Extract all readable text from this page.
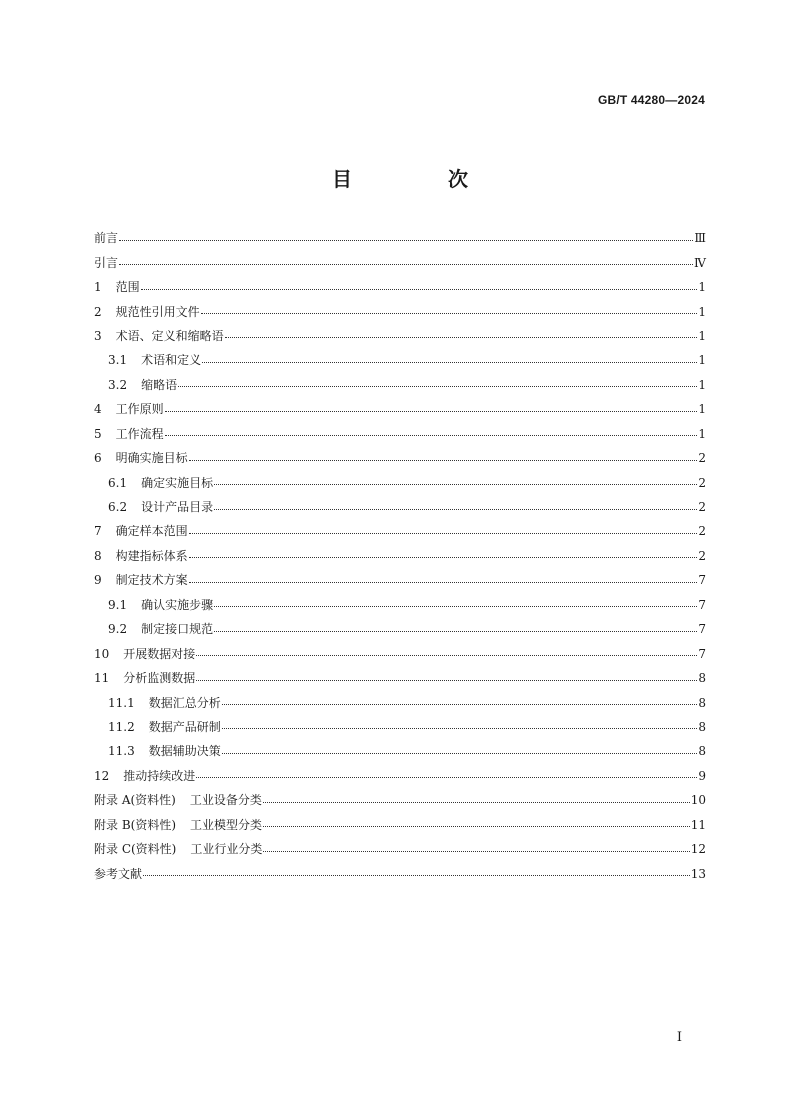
GB/T 44280—2024
目　次
前言	Ⅲ
引言	Ⅳ
1 范围	1
2 规范性引用文件	1
3 术语、定义和缩略语	1
3.1 术语和定义	1
3.2 缩略语	1
4 工作原则	1
5 工作流程	1
6 明确实施目标	2
6.1 确定实施目标	2
6.2 设计产品目录	2
7 确定样本范围	2
8 构建指标体系	2
9 制定技术方案	7
9.1 确认实施步骤	7
9.2 制定接口规范	7
10 开展数据对接	7
11 分析监测数据	8
11.1 数据汇总分析	8
11.2 数据产品研制	8
11.3 数据辅助决策	8
12 推动持续改进	9
附录 A(资料性) 工业设备分类	10
附录 B(资料性) 工业模型分类	11
附录 C(资料性) 工业行业分类	12
参考文献	13
I
